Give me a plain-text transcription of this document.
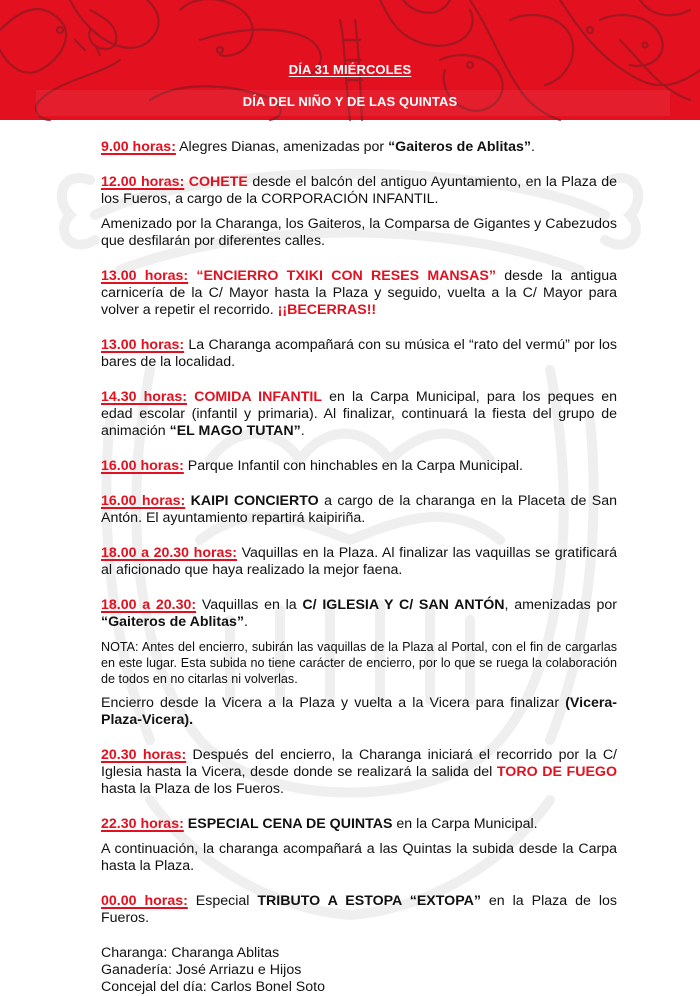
DÍA 31 MIÉRCOLES
DÍA DEL NIÑO Y DE LAS QUINTAS

9.00 horas: Alegres Dianas, amenizadas por “Gaiteros de Ablitas”.

12.00 horas: COHETE desde el balcón del antiguo Ayuntamiento, en la Plaza de los Fueros, a cargo de la CORPORACIÓN INFANTIL.

Amenizado por la Charanga, los Gaiteros, la Comparsa de Gigantes y Cabezudos que desfilarán por diferentes calles.

13.00 horas: “ENCIERRO TXIKI CON RESES MANSAS” desde la antigua carnicería de la C/ Mayor hasta la Plaza y seguido, vuelta a la C/ Mayor para volver a repetir el recorrido. ¡¡BECERRAS!!

13.00 horas: La Charanga acompañará con su música el “rato del vermú” por los bares de la localidad.

14.30 horas: COMIDA INFANTIL en la Carpa Municipal, para los peques en edad escolar (infantil y primaria). Al finalizar, continuará la fiesta del grupo de animación “EL MAGO TUTAN”.

16.00 horas: Parque Infantil con hinchables en la Carpa Municipal.

16.00 horas: KAIPI CONCIERTO a cargo de la charanga en la Placeta de San Antón. El ayuntamiento repartirá kaipiriña.

18.00 a 20.30 horas: Vaquillas en la Plaza. Al finalizar las vaquillas se gratificará al aficionado que haya realizado la mejor faena.

18.00 a 20.30: Vaquillas en la C/ IGLESIA Y C/ SAN ANTÓN, amenizadas por “Gaiteros de Ablitas”.

NOTA: Antes del encierro, subirán las vaquillas de la Plaza al Portal, con el fin de cargarlas en este lugar. Esta subida no tiene carácter de encierro, por lo que se ruega la colaboración de todos en no citarlas ni volverlas.

Encierro desde la Vicera a la Plaza y vuelta a la Vicera para finalizar (Vicera-Plaza-Vicera).

20.30 horas: Después del encierro, la Charanga iniciará el recorrido por la C/ Iglesia hasta la Vicera, desde donde se realizará la salida del TORO DE FUEGO hasta la Plaza de los Fueros.

22.30 horas: ESPECIAL CENA DE QUINTAS en la Carpa Municipal.

A continuación, la charanga acompañará a las Quintas la subida desde la Carpa hasta la Plaza.

00.00 horas: Especial TRIBUTO A ESTOPA “EXTOPA” en la Plaza de los Fueros.

Charanga: Charanga Ablitas
Ganadería: José Arriazu e Hijos
Concejal del día: Carlos Bonel Soto
